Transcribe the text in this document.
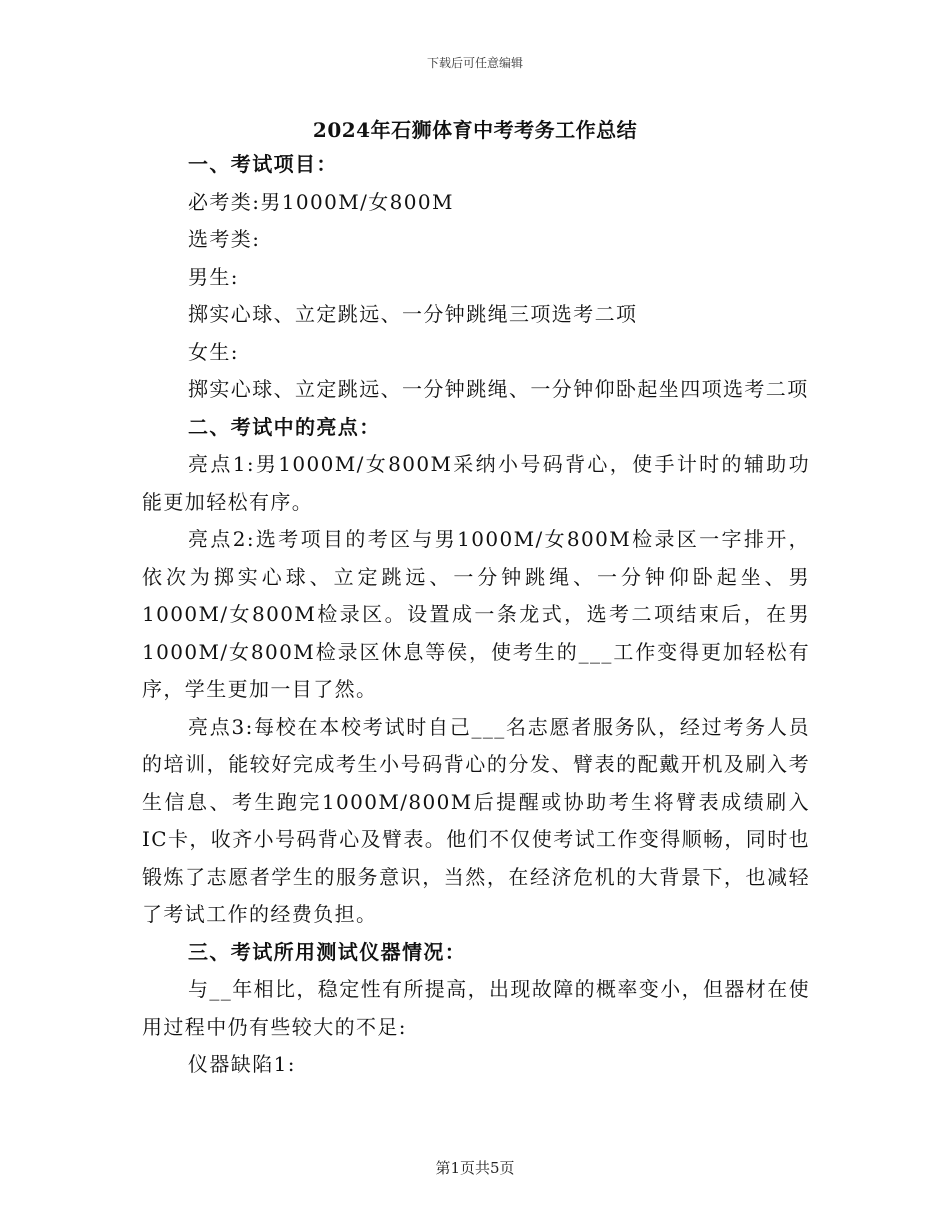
下载后可任意编辑
2024年石狮体育中考考务工作总结

一、考试项目：

必考类:男1000M/女800M

选考类:

男生:

掷实心球、立定跳远、一分钟跳绳三项选考二项

女生:

掷实心球、立定跳远、一分钟跳绳、一分钟仰卧起坐四项选考二项

二、考试中的亮点：

亮点1:男1000M/女800M采纳小号码背心，使手计时的辅助功能更加轻松有序。

亮点2:选考项目的考区与男1000M/女800M检录区一字排开，依次为掷实心球、立定跳远、一分钟跳绳、一分钟仰卧起坐、男1000M/女800M检录区。设置成一条龙式，选考二项结束后，在男1000M/女800M检录区休息等侯，使考生的___工作变得更加轻松有序，学生更加一目了然。

亮点3:每校在本校考试时自己___名志愿者服务队，经过考务人员的培训，能较好完成考生小号码背心的分发、臂表的配戴开机及刷入考生信息、考生跑完1000M/800M后提醒或协助考生将臂表成绩刷入IC卡，收齐小号码背心及臂表。他们不仅使考试工作变得顺畅，同时也锻炼了志愿者学生的服务意识，当然，在经济危机的大背景下，也减轻了考试工作的经费负担。

三、考试所用测试仪器情况：

与__年相比，稳定性有所提高，出现故障的概率变小，但器材在使用过程中仍有些较大的不足:

仪器缺陷1:

第1页共5页
